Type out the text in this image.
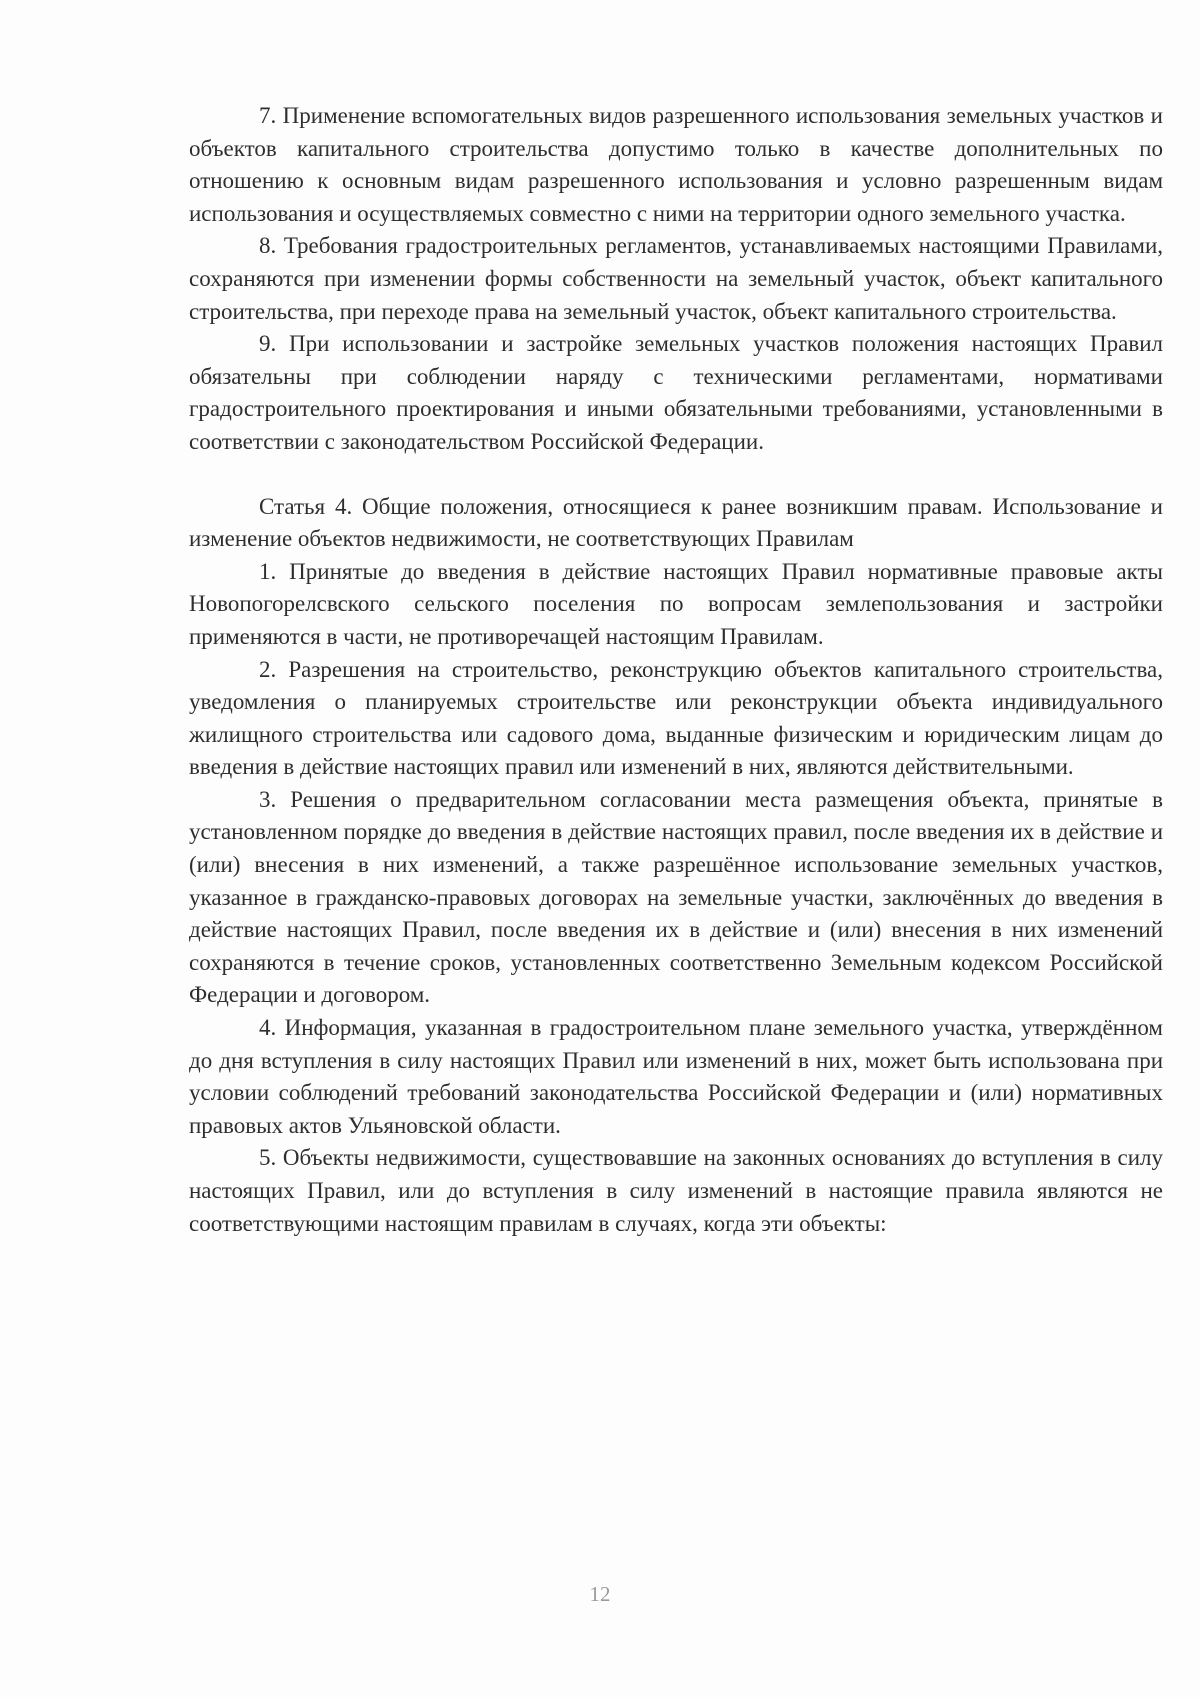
7. Применение вспомогательных видов разрешенного использования земельных участков и объектов капитального строительства допустимо только в качестве дополнительных по отношению к основным видам разрешенного использования и условно разрешенным видам использования и осуществляемых совместно с ними на территории одного земельного участка.

8. Требования градостроительных регламентов, устанавливаемых настоящими Правилами, сохраняются при изменении формы собственности на земельный участок, объект капитального строительства, при переходе права на земельный участок, объект капитального строительства.

9. При использовании и застройке земельных участков положения настоящих Правил обязательны при соблюдении наряду с техническими регламентами, нормативами градостроительного проектирования и иными обязательными требованиями, установленными в соответствии с законодательством Российской Федерации.

Статья 4. Общие положения, относящиеся к ранее возникшим правам. Использование и изменение объектов недвижимости, не соответствующих Правилам

1. Принятые до введения в действие настоящих Правил нормативные правовые акты Новопогорелсвского сельского поселения по вопросам землепользования и застройки применяются в части, не противоречащей настоящим Правилам.

2. Разрешения на строительство, реконструкцию объектов капитального строительства, уведомления о планируемых строительстве или реконструкции объекта индивидуального жилищного строительства или садового дома, выданные физическим и юридическим лицам до введения в действие настоящих правил или изменений в них, являются действительными.

3. Решения о предварительном согласовании места размещения объекта, принятые в установленном порядке до введения в действие настоящих правил, после введения их в действие и (или) внесения в них изменений, а также разрешённое использование земельных участков, указанное в гражданско-правовых договорах на земельные участки, заключённых до введения в действие настоящих Правил, после введения их в действие и (или) внесения в них изменений сохраняются в течение сроков, установленных соответственно Земельным кодексом Российской Федерации и договором.

4. Информация, указанная в градостроительном плане земельного участка, утверждённом до дня вступления в силу настоящих Правил или изменений в них, может быть использована при условии соблюдений требований законодательства Российской Федерации и (или) нормативных правовых актов Ульяновской области.

5. Объекты недвижимости, существовавшие на законных основаниях до вступления в силу настоящих Правил, или до вступления в силу изменений в настоящие правила являются не соответствующими настоящим правилам в случаях, когда эти объекты:

12
